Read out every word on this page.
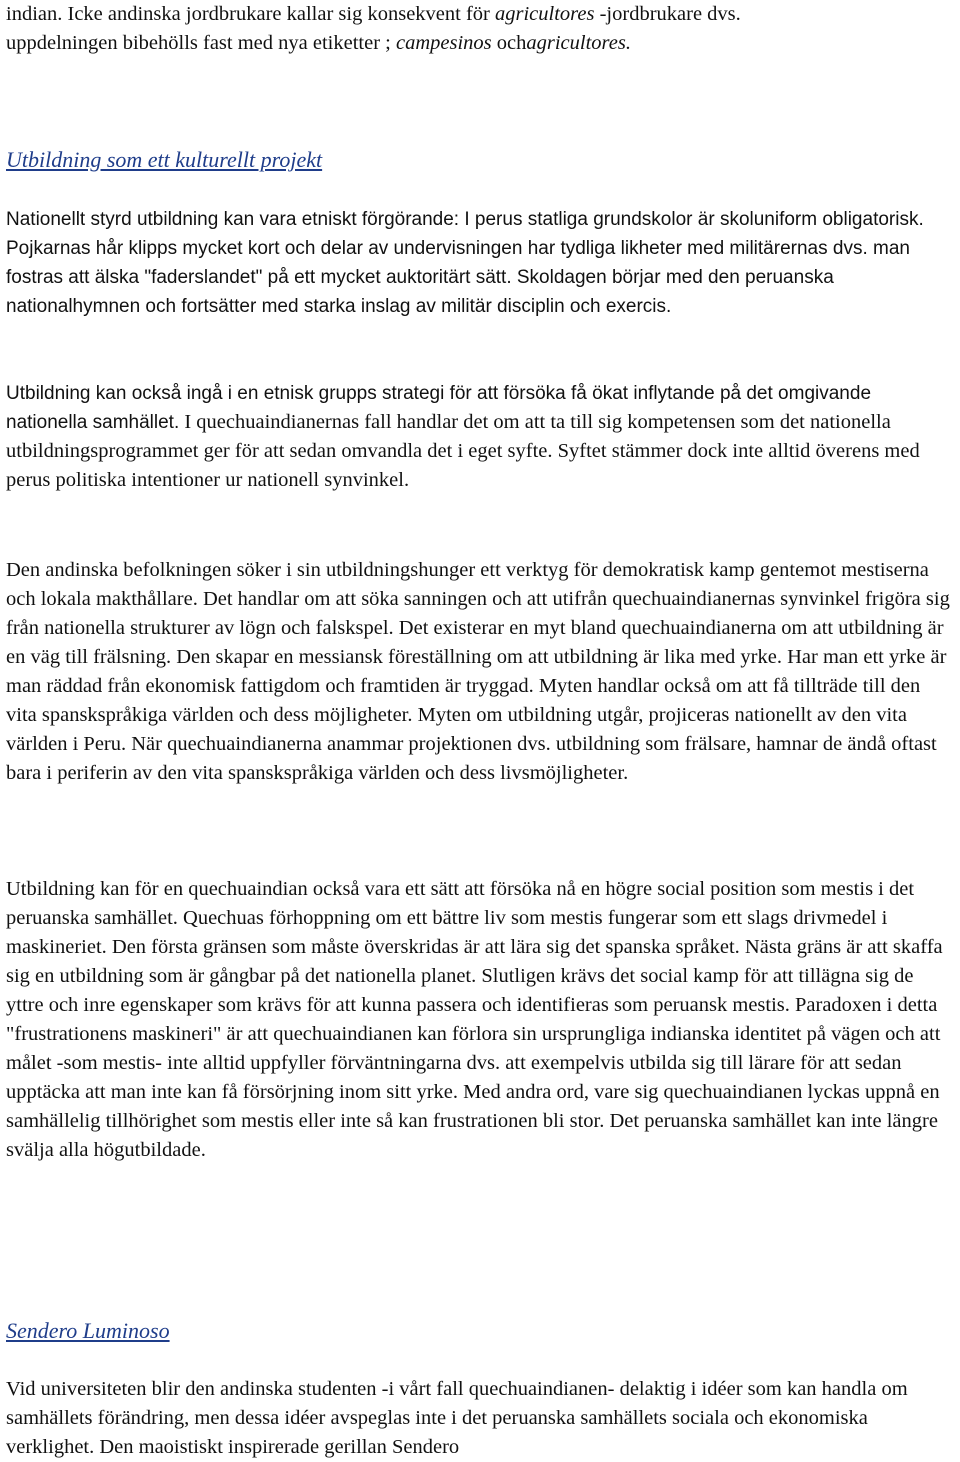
indian. Icke andinska jordbrukare kallar sig konsekvent för agricultores -jordbrukare dvs.
uppdelningen bibehölls fast med nya etiketter ; campesinos ochagricultores.

Utbildning som ett kulturellt projekt

Nationellt styrd utbildning kan vara etniskt förgörande: I perus statliga grundskolor är skoluniform obligatorisk. Pojkarnas hår klipps mycket kort och delar av undervisningen har tydliga likheter med militärernas dvs. man fostras att älska "faderslandet" på ett mycket auktoritärt sätt. Skoldagen börjar med den peruanska nationalhymnen och fortsätter med starka inslag av militär disciplin och exercis.

Utbildning kan också ingå i en etnisk grupps strategi för att försöka få ökat inflytande på det omgivande nationella samhället. I quechuaindianernas fall handlar det om att ta till sig kompetensen som det nationella utbildningsprogrammet ger för att sedan omvandla det i eget syfte. Syftet stämmer dock inte alltid överens med perus politiska intentioner ur nationell synvinkel.

Den andinska befolkningen söker i sin utbildningshunger ett verktyg för demokratisk kamp gentemot mestiserna och lokala makthållare. Det handlar om att söka sanningen och att utifrån quechuaindianernas synvinkel frigöra sig från nationella strukturer av lögn och falskspel. Det existerar en myt bland quechuaindianerna om att utbildning är en väg till frälsning. Den skapar en messiansk föreställning om att utbildning är lika med yrke. Har man ett yrke är man räddad från ekonomisk fattigdom och framtiden är tryggad. Myten handlar också om att få tillträde till den vita spanskspråkiga världen och dess möjligheter. Myten om utbildning utgår, projiceras nationellt av den vita världen i Peru. När quechuaindianerna anammar projektionen dvs. utbildning som frälsare, hamnar de ändå oftast bara i periferin av den vita spanskspråkiga världen och dess livsmöjligheter.

Utbildning kan för en quechuaindian också vara ett sätt att försöka nå en högre social position som mestis i det peruanska samhället. Quechuas förhoppning om ett bättre liv som mestis fungerar som ett slags drivmedel i maskineriet. Den första gränsen som måste överskridas är att lära sig det spanska språket. Nästa gräns är att skaffa sig en utbildning som är gångbar på det nationella planet. Slutligen krävs det social kamp för att tillägna sig de yttre och inre egenskaper som krävs för att kunna passera och identifieras som peruansk mestis. Paradoxen i detta "frustrationens maskineri" är att quechuaindianen kan förlora sin ursprungliga indianska identitet på vägen och att målet -som mestis- inte alltid uppfyller förväntningarna dvs. att exempelvis utbilda sig till lärare för att sedan upptäcka att man inte kan få försörjning inom sitt yrke. Med andra ord, vare sig quechuaindianen lyckas uppnå en samhällelig tillhörighet som mestis eller inte så kan frustrationen bli stor. Det peruanska samhället kan inte längre svälja alla högutbildade.

Sendero Luminoso

Vid universiteten blir den andinska studenten -i vårt fall quechuaindianen- delaktig i idéer som kan handla om samhällets förändring, men dessa idéer avspeglas inte i det peruanska samhällets sociala och ekonomiska verklighet. Den maoistiskt inspirerade gerillan Sendero
